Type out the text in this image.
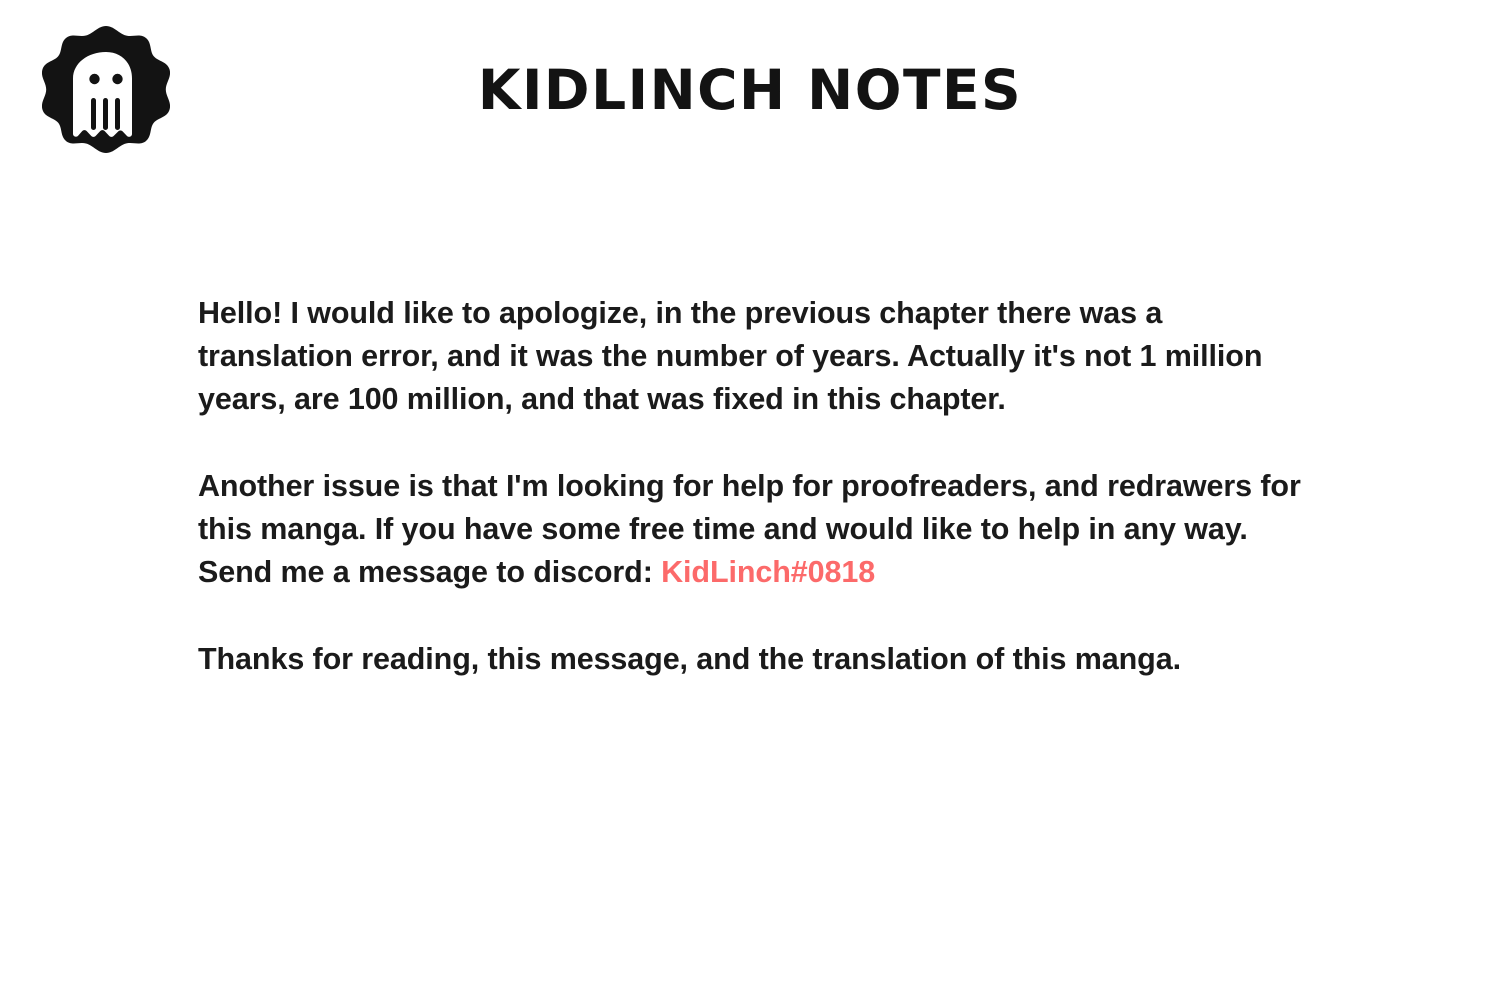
KIDLINCH NOTES

Hello! I would like to apologize, in the previous chapter there was a translation error, and it was the number of years. Actually it's not 1 million years, are 100 million, and that was fixed in this chapter.

Another issue is that I'm looking for help for proofreaders, and redrawers for this manga. If you have some free time and would like to help in any way. Send me a message to discord: KidLinch#0818

Thanks for reading, this message, and the translation of this manga.
